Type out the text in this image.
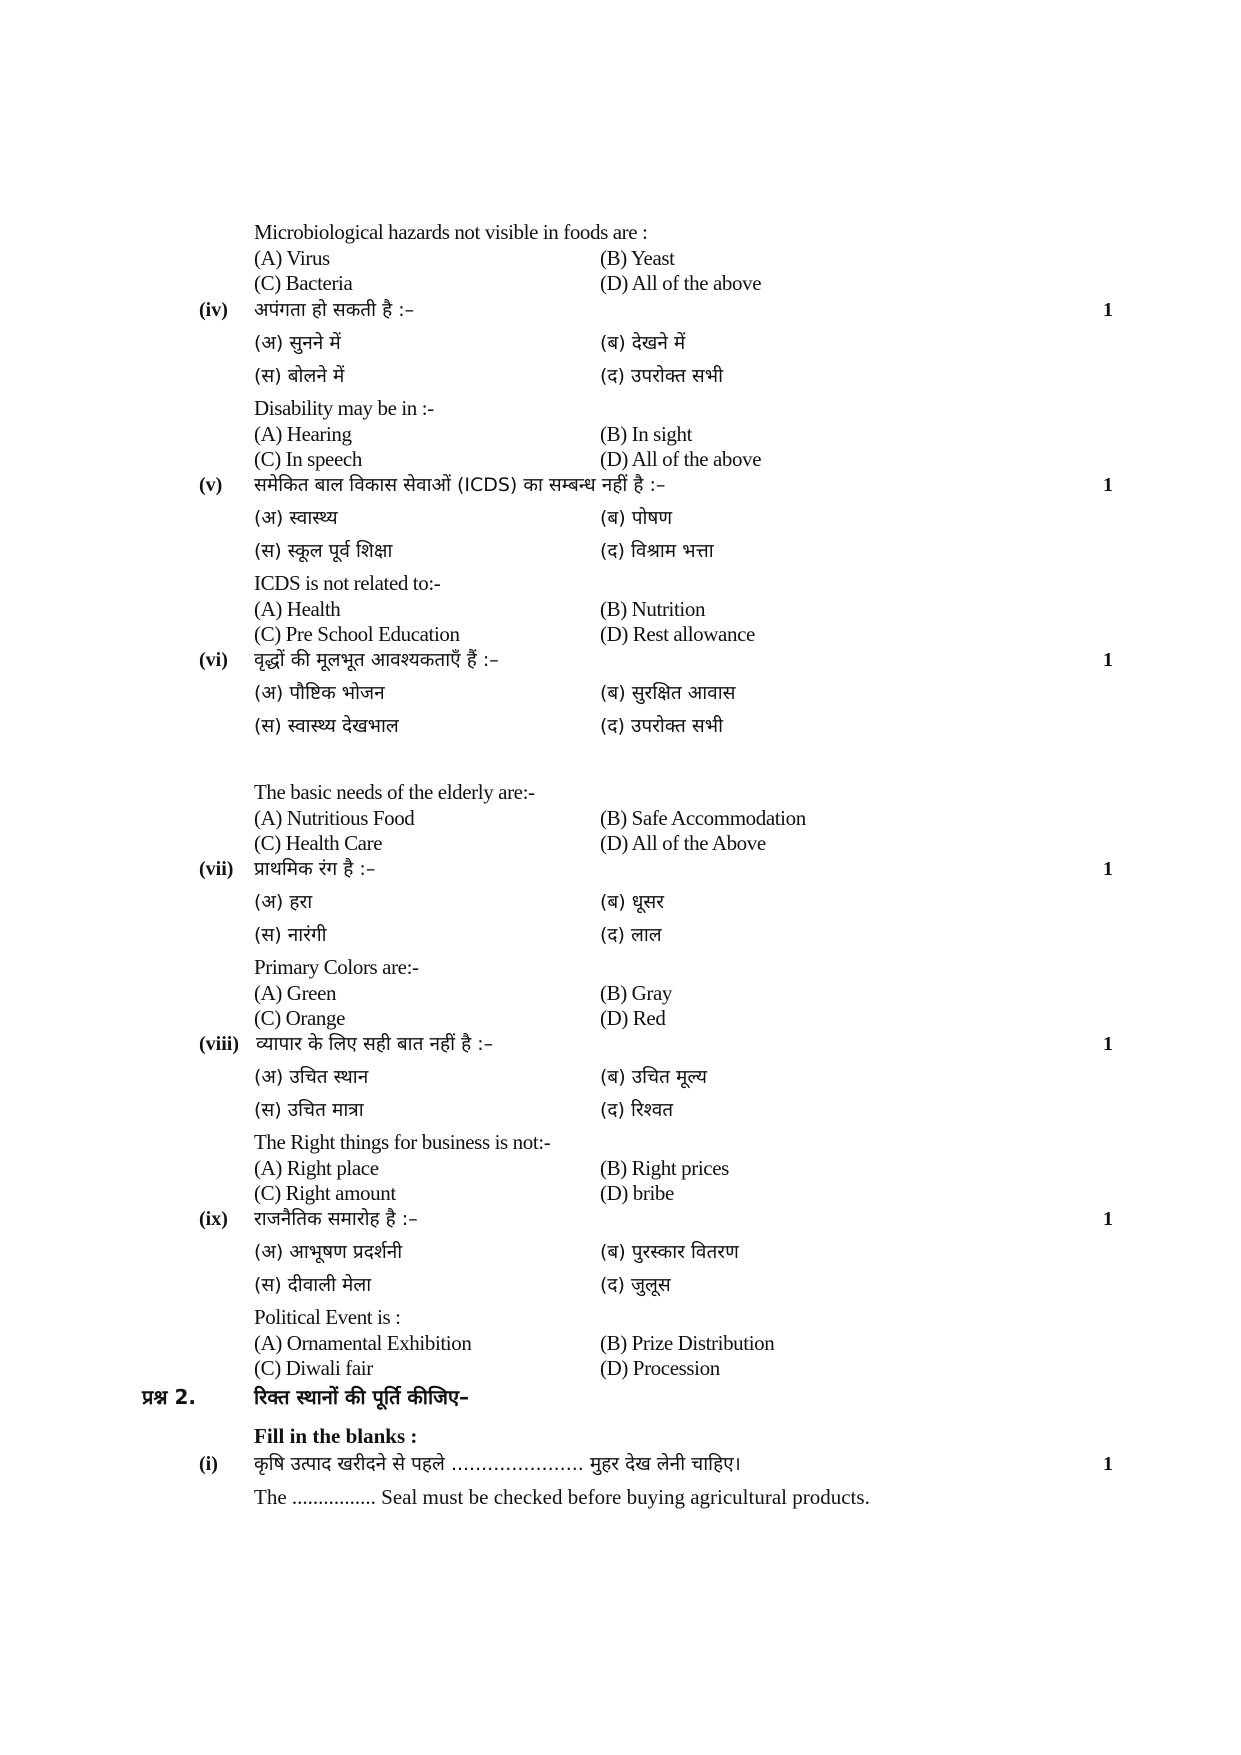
Microbiological hazards not visible in foods are :
(A) Virus	(B) Yeast
(C) Bacteria	(D) All of the above
(iv) अपंगता हो सकती है :–	1
(अ) सुनने में	(ब) देखने में
(स) बोलने में	(द) उपरोक्त सभी
Disability may be in :-
(A) Hearing	(B) In sight
(C) In speech	(D) All of the above
(v) समेकित बाल विकास सेवाओं (ICDS) का सम्बन्ध नहीं है :–	1
(अ) स्वास्थ्य	(ब) पोषण
(स) स्कूल पूर्व शिक्षा	(द) विश्राम भत्ता
ICDS is not related to:-
(A) Health	(B) Nutrition
(C) Pre School Education	(D) Rest allowance
(vi) वृद्धों की मूलभूत आवश्यकताएँ हैं :–	1
(अ) पौष्टिक भोजन	(ब) सुरक्षित आवास
(स) स्वास्थ्य देखभाल	(द) उपरोक्त सभी
The basic needs of the elderly are:-
(A) Nutritious Food	(B) Safe Accommodation
(C) Health Care	(D) All of the Above
(vii) प्राथमिक रंग है :–	1
(अ) हरा	(ब) धूसर
(स) नारंगी	(द) लाल
Primary Colors are:-
(A) Green	(B) Gray
(C) Orange	(D) Red
(viii) व्यापार के लिए सही बात नहीं है :–	1
(अ) उचित स्थान	(ब) उचित मूल्य
(स) उचित मात्रा	(द) रिश्वत
The Right things for business is not:-
(A) Right place	(B) Right prices
(C) Right amount	(D) bribe
(ix) राजनैतिक समारोह है :–	1
(अ) आभूषण प्रदर्शनी	(ब) पुरस्कार वितरण
(स) दीवाली मेला	(द) जुलूस
Political Event is :
(A) Ornamental Exhibition	(B) Prize Distribution
(C) Diwali fair	(D) Procession
प्रश्न 2.	रिक्त स्थानों की पूर्ति कीजिए–
Fill in the blanks :
(i) कृषि उत्पाद खरीदने से पहले ...................... मुहर देख लेनी चाहिए।	1
The ................ Seal must be checked before buying agricultural products.
